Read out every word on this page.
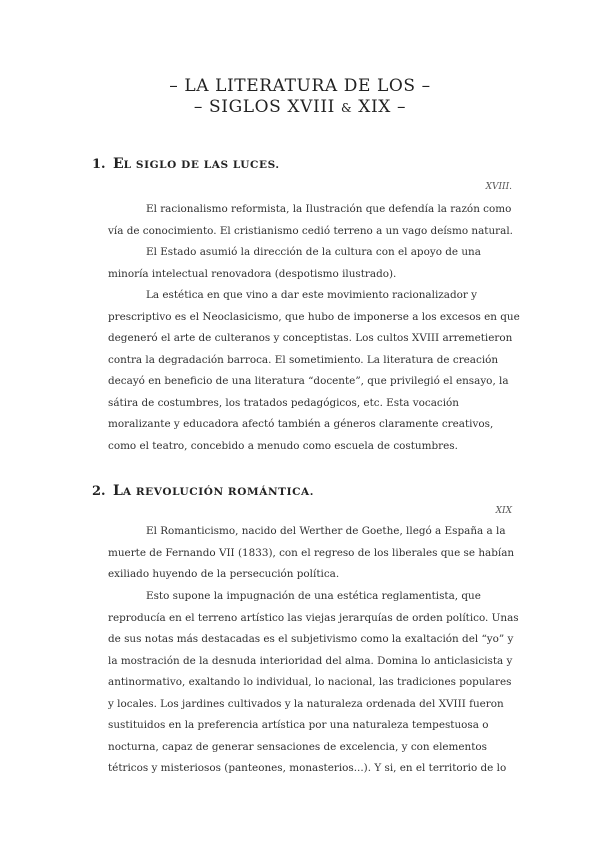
– LA LITERATURA DE LOS –
– SIGLOS XVIII & XIX –
1. EL SIGLO DE LAS LUCES.
XVIII.

El racionalismo reformista, la Ilustración que defendía la razón como vía de conocimiento. El cristianismo cedió terreno a un vago deísmo natural.

El Estado asumió la dirección de la cultura con el apoyo de una minoría intelectual renovadora (despotismo ilustrado).

La estética en que vino a dar este movimiento racionalizador y prescriptivo es el Neoclasicismo, que hubo de imponerse a los excesos en que degeneró el arte de culteranos y conceptistas. Los cultos XVIII arremetieron contra la degradación barroca. El sometimiento. La literatura de creación decayó en beneficio de una literatura “docente”, que privilegió el ensayo, la sátira de costumbres, los tratados pedagógicos, etc. Esta vocación moralizante y educadora afectó también a géneros claramente creativos, como el teatro, concebido a menudo como escuela de costumbres.

2. LA REVOLUCIÓN ROMÁNTICA.
XIX

El Romanticismo, nacido del Werther de Goethe, llegó a España a la muerte de Fernando VII (1833), con el regreso de los liberales que se habían exiliado huyendo de la persecución política.

Esto supone la impugnación de una estética reglamentista, que reproducía en el terreno artístico las viejas jerarquías de orden político. Unas de sus notas más destacadas es el subjetivismo como la exaltación del “yo” y la mostración de la desnuda interioridad del alma. Domina lo anticlasicista y antinormativo, exaltando lo individual, lo nacional, las tradiciones populares y locales. Los jardines cultivados y la naturaleza ordenada del XVIII fueron sustituidos en la preferencia artística por una naturaleza tempestuosa o nocturna, capaz de generar sensaciones de excelencia, y con elementos tétricos y misteriosos (panteones, monasterios...). Y si, en el territorio de lo
